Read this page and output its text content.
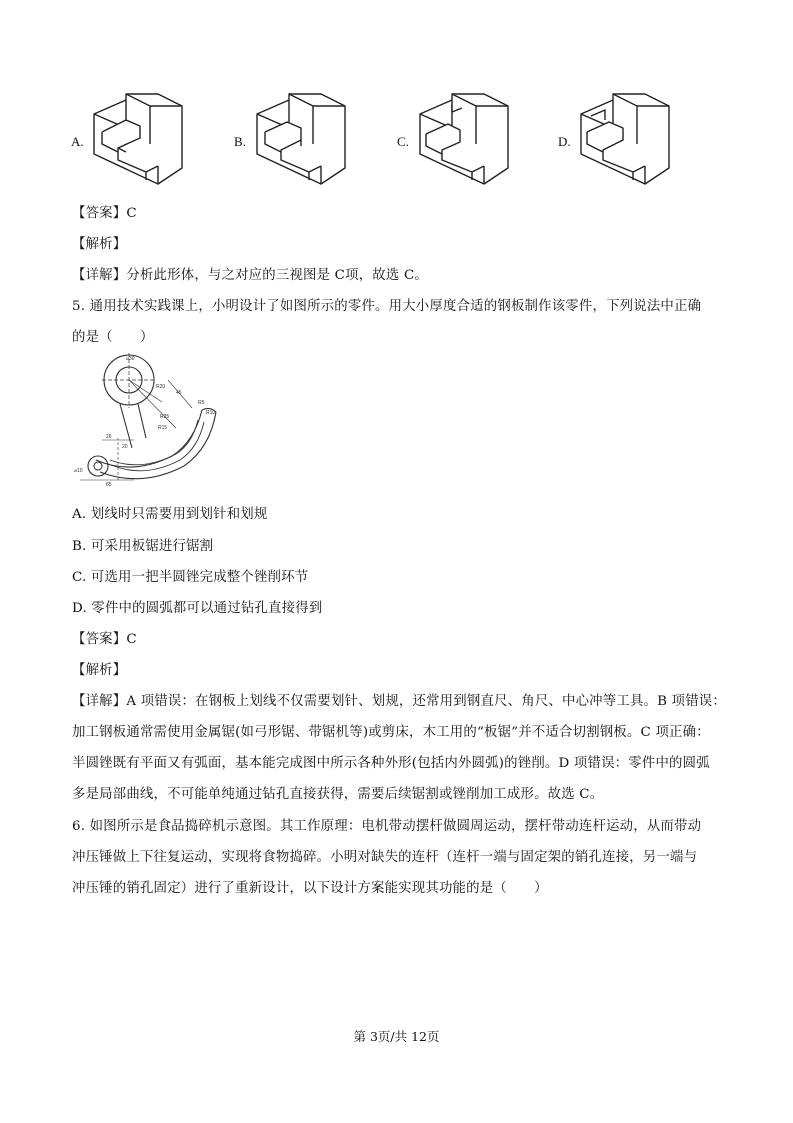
A.	B.	C.	D.
【答案】C
【解析】
【详解】分析此形体，与之对应的三视图是 C项，故选 C。
5. 通用技术实践课上，小明设计了如图所示的零件。用大小厚度合适的钢板制作该零件，下列说法中正确
的是（　　）
⌀30
R20
R25
R15
R5
R10
⌀10
45
26
65
20
A. 划线时只需要用到划针和划规
B. 可采用板锯进行锯割
C. 可选用一把半圆锉完成整个锉削环节
D. 零件中的圆弧都可以通过钻孔直接得到
【答案】C
【解析】
【详解】A 项错误：在钢板上划线不仅需要划针、划规，还常用到钢直尺、角尺、中心冲等工具。B 项错误：
加工钢板通常需使用金属锯(如弓形锯、带锯机等)或剪床，木工用的“板锯”并不适合切割钢板。C 项正确：
半圆锉既有平面又有弧面，基本能完成图中所示各种外形(包括内外圆弧)的锉削。D 项错误：零件中的圆弧
多是局部曲线，不可能单纯通过钻孔直接获得，需要后续锯割或锉削加工成形。故选 C。
6. 如图所示是食品捣碎机示意图。其工作原理：电机带动摆杆做圆周运动，摆杆带动连杆运动，从而带动
冲压锤做上下往复运动，实现将食物捣碎。小明对缺失的连杆（连杆一端与固定架的销孔连接，另一端与
冲压锤的销孔固定）进行了重新设计，以下设计方案能实现其功能的是（　　）
第 3页/共 12页
